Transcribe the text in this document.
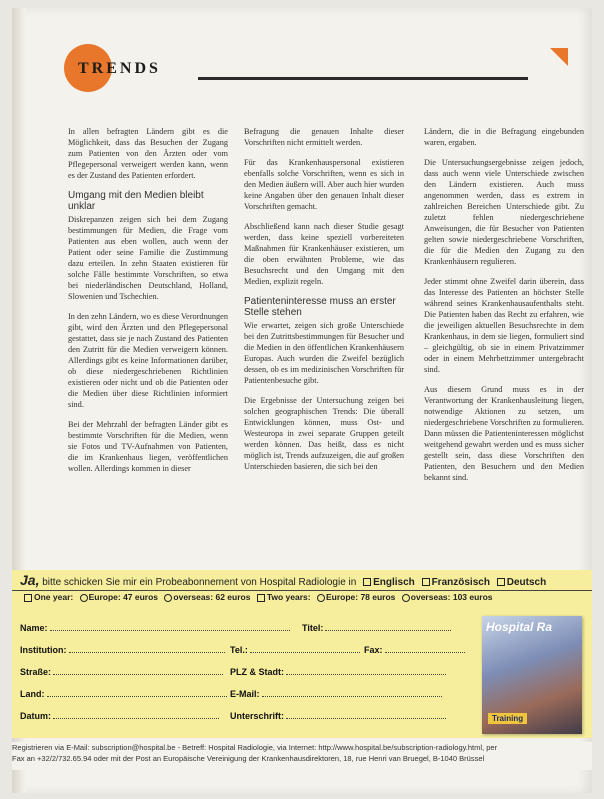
TRENDS

In allen befragten Ländern gibt es die Möglichkeit, dass das Besuchen der Zugang zum Patienten von den Ärzten oder vom Pflegepersonal verweigert werden kann, wenn es der Zustand des Patienten erfordert.

Umgang mit den Medien bleibt unklar

Diskrepanzen zeigen sich bei dem Zugang bestimmungen für Medien, die Frage vom Patienten aus eben wollen, auch wenn der Patient oder seine Familie die Zustimmung dazu erteilen. In zehn Staaten existieren für solche Fälle bestimmte Vorschriften, so etwa bei niederländischen Deutschland, Holland, Slowenien und Tschechien.

In den zehn Ländern, wo es diese Verordnungen gibt, wird den Ärzten und den Pflegepersonal gestattet, dass sie je nach Zustand des Patienten den Zutritt für die Medien verweigern können. Allerdings gibt es keine Informationen darüber, ob diese niedergeschriebenen Richtlinien existieren oder nicht und ob die Patienten oder die Medien über diese Richtlinien informiert sind.

Bei der Mehrzahl der befragten Länder gibt es bestimmte Vorschriften für die Medien, wenn sie Fotos und TV-Aufnahmen von Patienten, die im Krankenhaus liegen, veröffentlichen wollen. Allerdings kommen in dieser

Befragung die genauen Inhalte dieser Vorschriften nicht ermittelt werden.

Für das Krankenhauspersonal existieren ebenfalls solche Vorschriften, wenn es sich in den Medien äußern will. Aber auch hier wurden keine Angaben über den genauen Inhalt dieser Vorschriften gemacht.

Abschließend kann nach dieser Studie gesagt werden, dass keine speziell vorbereiteten Maßnahmen für Krankenhäuser existieren, um die oben erwähnten Probleme, wie das Besuchsrecht und den Umgang mit den Medien, explizit regeln.

Patienteninteresse muss an erster Stelle stehen

Wie erwartet, zeigen sich große Unterschiede bei den Zutrittsbestimmungen für Besucher und die Medien in den öffentlichen Krankenhäusern Europas. Auch wurden die Zweifel bezüglich dessen, ob es im medizinischen Vorschriften für Patientenbesuche gibt.

Die Ergebnisse der Untersuchung zeigen bei solchen geographischen Trends: Die überall Entwicklungen können, muss Ost- und Westeuropa in zwei separate Gruppen geteilt werden können. Das heißt, dass es nicht möglich ist, Trends aufzuzeigen, die auf großen Unterschieden basieren, die sich bei den

Ländern, die in die Befragung eingebunden waren, ergaben.

Die Untersuchungsergebnisse zeigen jedoch, dass auch wenn viele Unterschiede zwischen den Ländern existieren. Auch muss angenommen werden, dass es extrem in zahlreichen Bereichen Unterschiede gibt. Zu zuletzt fehlen niedergeschriebene Anweisungen, die für Besucher von Patienten gelten sowie niedergeschriebene Vorschriften, die für die Medien den Zugang zu den Krankenhäusern regulieren.

Jeder stimmt ohne Zweifel darin überein, dass das Interesse des Patienten an höchster Stelle während seines Krankenhausaufenthalts steht. Die Patienten haben das Recht zu erfahren, wie die jeweiligen aktuellen Besuchsrechte in dem Krankenhaus, in dem sie liegen, formuliert sind – gleichgültig, ob sie in einem Privatzimmer oder in einem Mehrbettzimmer untergebracht sind.

Aus diesem Grund muss es in der Verantwortung der Krankenhausleitung liegen, notwendige Aktionen zu setzen, um niedergeschriebene Vorschriften zu formulieren. Dann müssen die Patienteninteressen möglichst weitgehend gewahrt werden und es muss sicher gestellt sein, dass diese Vorschriften den Patienten, den Besuchern und den Medien bekannt sind.

Ja, bitte schicken Sie mir ein Probeabonnement von Hospital Radiologie in Englisch Französisch Deutsch
One year: Europe: 47 euros overseas: 62 euros Two years: Europe: 78 euros overseas: 103 euros
Name:	Titel:
Institution:	Tel.:	Fax:
Straße:	PLZ & Stadt:
Land:	E-Mail:
Datum:	Unterschrift:
Hospital Ra
Training
Registrieren via E-Mail: subscription@hospital.be - Betreff: Hospital Radiologie, via Internet: http://www.hospital.be/subscription-radiology.html, per
Fax an +32/2/732.65.94 oder mit der Post an Europäische Vereinigung der Krankenhausdirektoren, 18, rue Henri van Bruegel, B-1040 Brüssel
